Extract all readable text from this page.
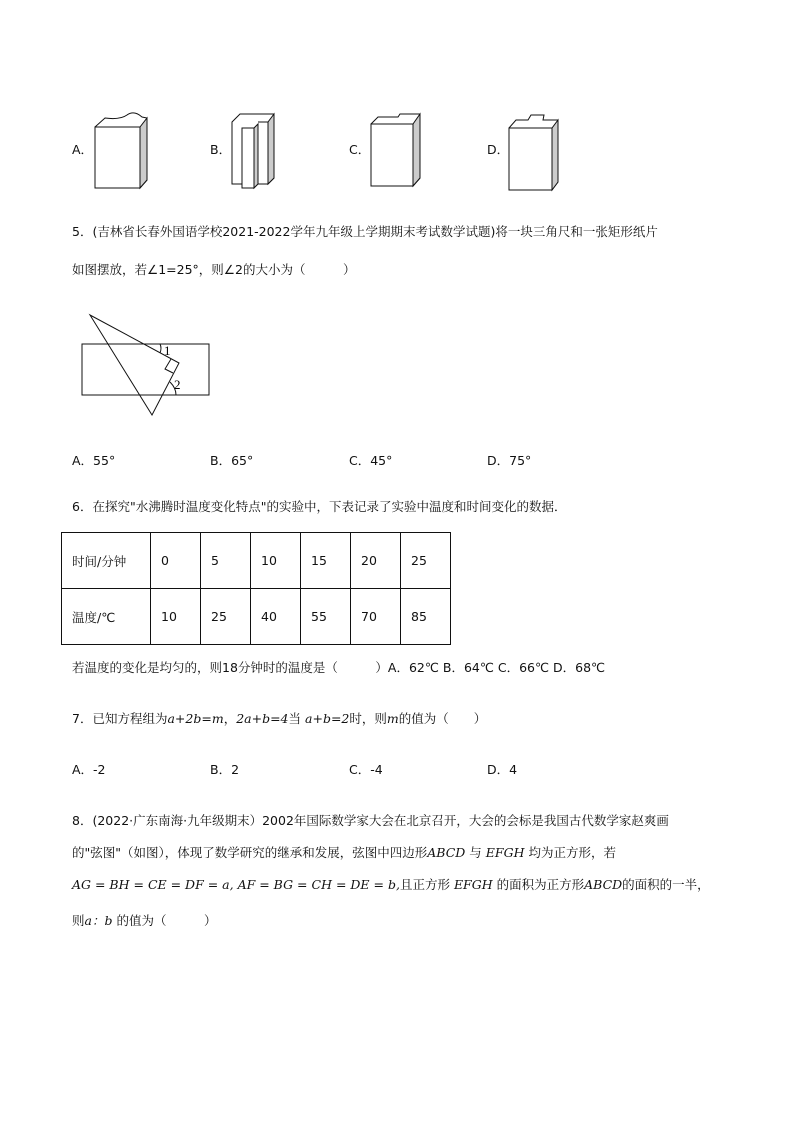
A．	B．	C．	D．
5．(吉林省长春外国语学校2021-2022学年九年级上学期期末考试数学试题)将一块三角尺和一张矩形纸片
如图摆放，若∠1=25°，则∠2的大小为（　　　）
1
2
A．55°	B．65°	C．45°	D．75°
6．在探究"水沸腾时温度变化特点"的实验中，下表记录了实验中温度和时间变化的数据．
时间/分钟	0	5	10	15	20	25
温度/℃	10	25	40	55	70	85
若温度的变化是均匀的，则18分钟时的温度是（　　　）A．62℃ B．64℃ C．66℃ D．68℃
7．已知方程组为a+2b=m，2a+b=4当 a+b=2时，则m的值为（　　）
A．-2	B．2	C．-4	D．4
8．(2022·广东南海·九年级期末）2002年国际数学家大会在北京召开，大会的会标是我国古代数学家赵爽画
的"弦图"（如图），体现了数学研究的继承和发展，弦图中四边形ABCD 与 EFGH 均为正方形，若
AG = BH = CE = DF = a, AF = BG = CH = DE = b,且正方形 EFGH 的面积为正方形ABCD的面积的一半，
则a：b 的值为（　　　）
